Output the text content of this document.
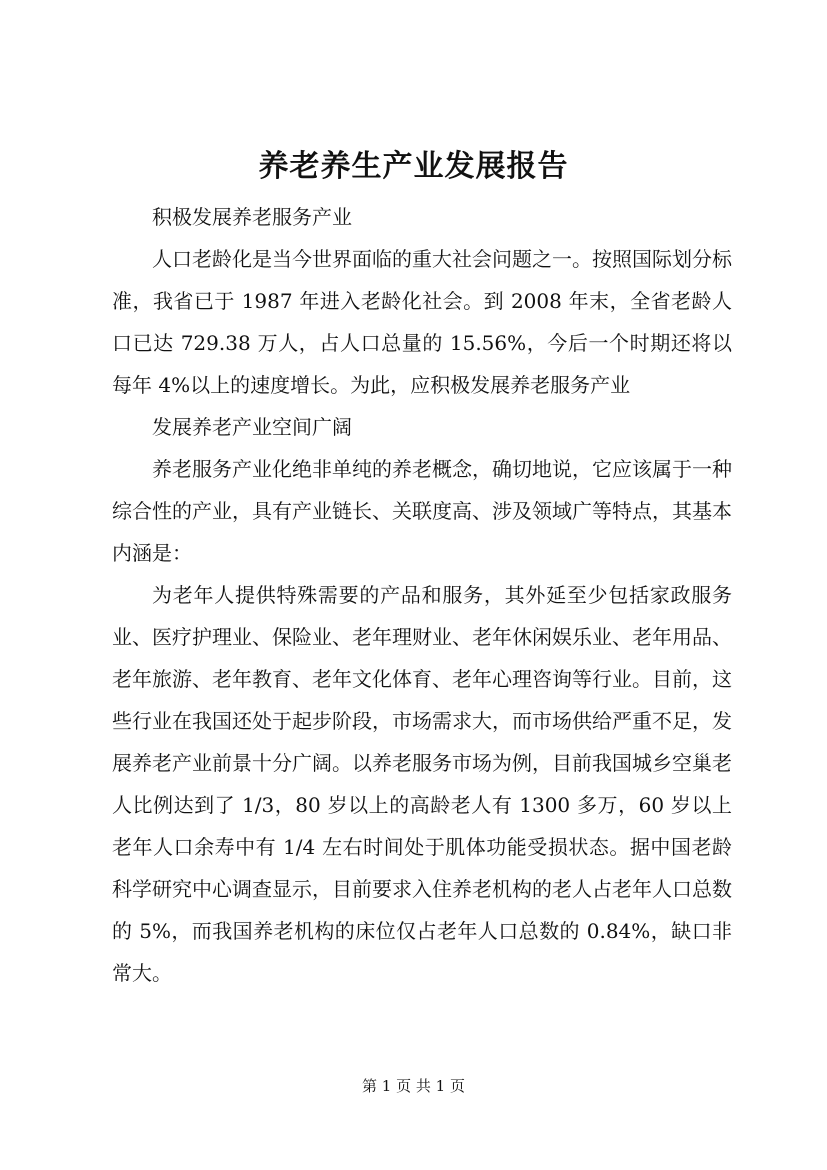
养老养生产业发展报告

积极发展养老服务产业

人口老龄化是当今世界面临的重大社会问题之一。按照国际划分标准，我省已于 1987 年进入老龄化社会。到 2008 年末，全省老龄人口已达 729.38 万人，占人口总量的 15.56%，今后一个时期还将以每年 4%以上的速度增长。为此，应积极发展养老服务产业

发展养老产业空间广阔

养老服务产业化绝非单纯的养老概念，确切地说，它应该属于一种综合性的产业，具有产业链长、关联度高、涉及领域广等特点，其基本内涵是：

为老年人提供特殊需要的产品和服务，其外延至少包括家政服务业、医疗护理业、保险业、老年理财业、老年休闲娱乐业、老年用品、老年旅游、老年教育、老年文化体育、老年心理咨询等行业。目前，这些行业在我国还处于起步阶段，市场需求大，而市场供给严重不足，发展养老产业前景十分广阔。以养老服务市场为例，目前我国城乡空巢老人比例达到了 1/3，80 岁以上的高龄老人有 1300 多万，60 岁以上老年人口余寿中有 1/4 左右时间处于肌体功能受损状态。据中国老龄科学研究中心调查显示，目前要求入住养老机构的老人占老年人口总数的 5%，而我国养老机构的床位仅占老年人口总数的 0.84%，缺口非常大。

第 1 页 共 1 页
